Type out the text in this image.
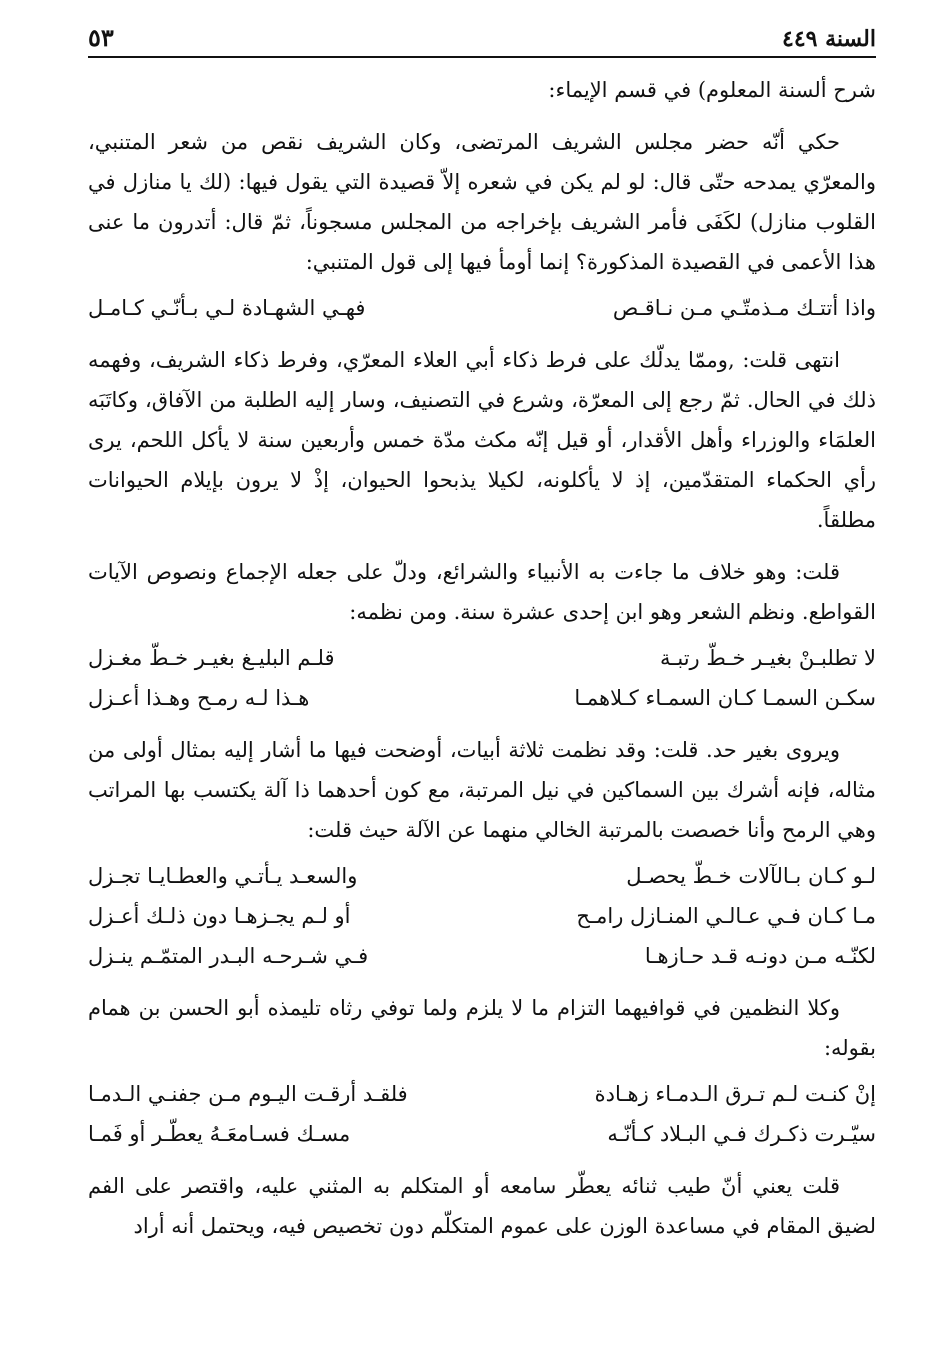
السنة ٤٤٩
٥٣

شرح ألسنة المعلوم) في قسم الإيماء:

حكي أنّه حضر مجلس الشريف المرتضى، وكان الشريف نقص من شعر المتنبي، والمعرّي يمدحه حتّى قال: لو لم يكن في شعره إلاّ قصيدة التي يقول فيها: (لك يا منازل في القلوب منازل) لكَفَى فأمر الشريف بإخراجه من المجلس مسجوناً، ثمّ قال: أتدرون ما عنى هذا الأعمى في القصيدة المذكورة؟ إنما أومأ فيها إلى قول المتنبي:

واذا أتتـك مـذمتّـي مـن نـاقـص
فهـي الشهـادة لـي بـأنّـي كـامـل

انتهى قلت: ,وممّا يدلّك على فرط ذكاء أبي العلاء المعرّي، وفرط ذكاء الشريف، وفهمه ذلك في الحال. ثمّ رجع إلى المعرّة، وشرع في التصنيف، وسار إليه الطلبة من الآفاق، وكاتَبَه العلمَاء والوزراء وأهل الأقدار، أو قيل إنّه مكث مدّة خمس وأربعين سنة لا يأكل اللحم، يرى رأي الحكماء المتقدّمين، إذ لا يأكلونه، لكيلا يذبحوا الحيوان، إذْ لا يرون بإيلام الحيوانات مطلقاً.

قلت: وهو خلاف ما جاءت به الأنبياء والشرائع، ودلّ على جعله الإجماع ونصوص الآيات القواطع. ونظم الشعر وهو ابن إحدى عشرة سنة. ومن نظمه:

لا تطلبـنْ بغيـر خـطّ رتبـة
قلـم البليـغ بغيـر خـطّ مغـزل
سكـن السمـا كـان السمـاء كـلاهمـا
هـذا لـه رمـح وهـذا أعـزل

ويروى بغير حد. قلت: وقد نظمت ثلاثة أبيات، أوضحت فيها ما أشار إليه بمثال أولى من مثاله، فإنه أشرك بين السماكين في نيل المرتبة، مع كون أحدهما ذا آلة يكتسب بها المراتب وهي الرمح وأنا خصصت بالمرتبة الخالي منهما عن الآلة حيث قلت:

لـو كـان بـالآلات خـطّ يحصـل
والسعـد يـأتـي والعطـايـا تجـزل
مـا كـان فـي عـالـي المنـازل رامـح
أو لـم يجـزهـا دون ذلـك أعـزل
لكنّـه مـن دونـه قـد حـازهـا
فـي شـرحـه البـدر المتمّـم ينـزل

وكلا النظمين في قوافيهما التزام ما لا يلزم ولما توفي رثاه تليمذه أبو الحسن بن همام بقوله:

إنْ كنـت لـم تـرق الـدمـاء زهـادة
فلقـد أرقـت اليـوم مـن جفنـي الـدمـا
سيّـرت ذكـرك فـي البـلاد كـأنّـه
مسـك فسـامعَـهُ يعطّـر أو فَمـا

قلت يعني أنّ طيب ثنائه يعطّر سامعه أو المتكلم به المثني عليه، واقتصر على الفم لضيق المقام في مساعدة الوزن على عموم المتكلّم دون تخصيص فيه، ويحتمل أنه أراد
